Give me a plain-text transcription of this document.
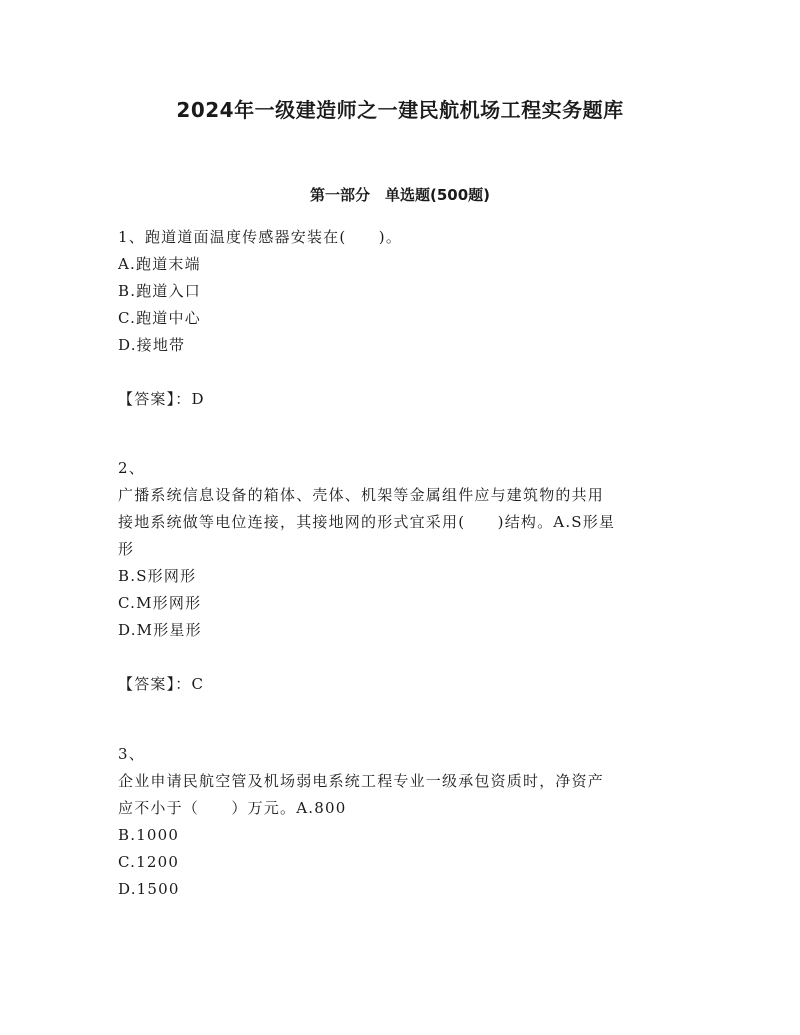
2024年一级建造师之一建民航机场工程实务题库
第一部分　单选题(500题)
1、跑道道面温度传感器安装在(　　)。
A.跑道末端
B.跑道入口
C.跑道中心
D.接地带
【答案】：D
2、
广播系统信息设备的箱体、壳体、机架等金属组件应与建筑物的共用
接地系统做等电位连接，其接地网的形式宜采用(　　)结构。A.S形星
形
B.S形网形
C.M形网形
D.M形星形
【答案】：C
3、
企业申请民航空管及机场弱电系统工程专业一级承包资质时，净资产
应不小于（　　）万元。A.800
B.1000
C.1200
D.1500
